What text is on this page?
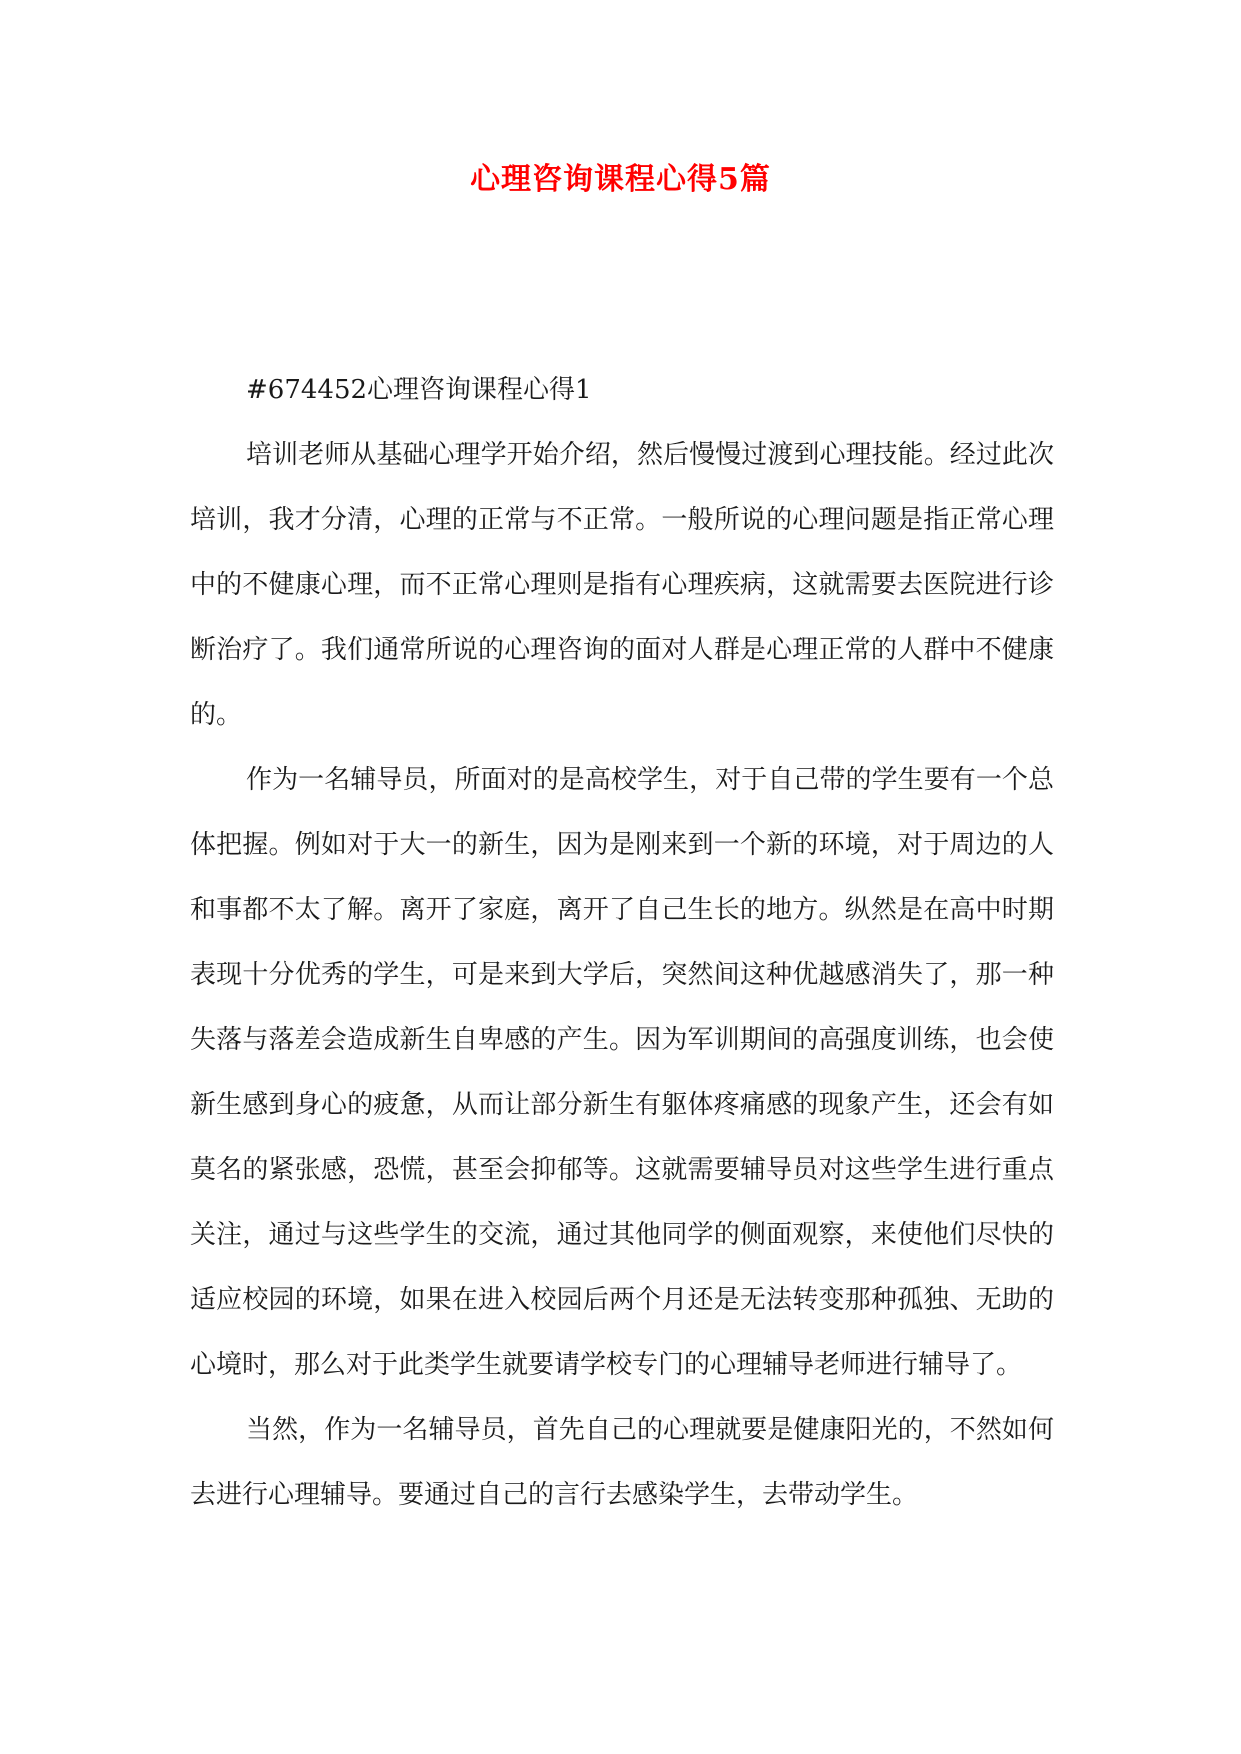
心理咨询课程心得5篇

#674452心理咨询课程心得1

培训老师从基础心理学开始介绍，然后慢慢过渡到心理技能。经过此次培训，我才分清，心理的正常与不正常。一般所说的心理问题是指正常心理中的不健康心理，而不正常心理则是指有心理疾病，这就需要去医院进行诊断治疗了。我们通常所说的心理咨询的面对人群是心理正常的人群中不健康的。

作为一名辅导员，所面对的是高校学生，对于自己带的学生要有一个总体把握。例如对于大一的新生，因为是刚来到一个新的环境，对于周边的人和事都不太了解。离开了家庭，离开了自己生长的地方。纵然是在高中时期表现十分优秀的学生，可是来到大学后，突然间这种优越感消失了，那一种失落与落差会造成新生自卑感的产生。因为军训期间的高强度训练，也会使新生感到身心的疲惫，从而让部分新生有躯体疼痛感的现象产生，还会有如莫名的紧张感，恐慌，甚至会抑郁等。这就需要辅导员对这些学生进行重点关注，通过与这些学生的交流，通过其他同学的侧面观察，来使他们尽快的适应校园的环境，如果在进入校园后两个月还是无法转变那种孤独、无助的心境时，那么对于此类学生就要请学校专门的心理辅导老师进行辅导了。

当然，作为一名辅导员，首先自己的心理就要是健康阳光的，不然如何去进行心理辅导。要通过自己的言行去感染学生，去带动学生。
